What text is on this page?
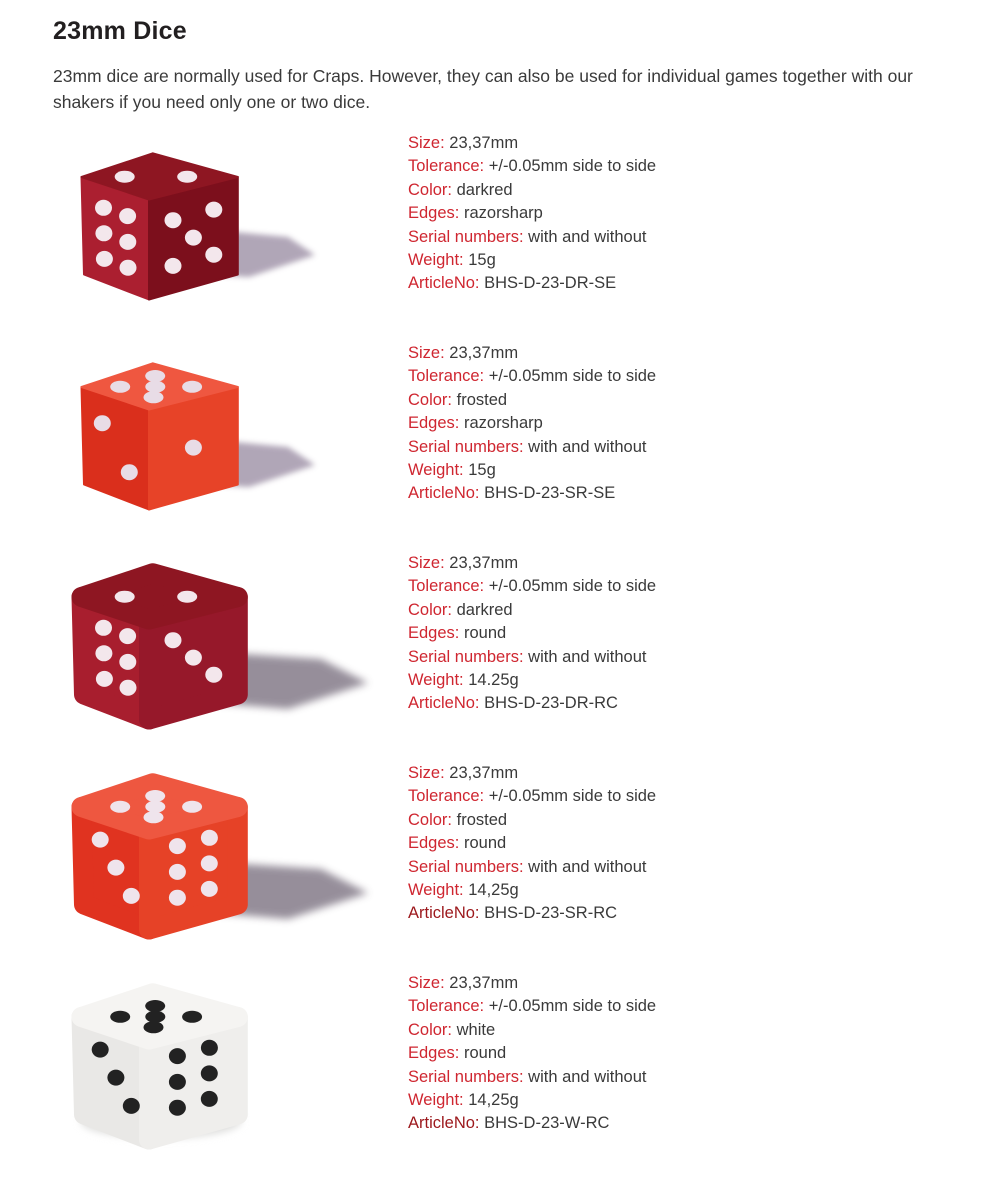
23mm Dice

23mm dice are normally used for Craps. However, they can also be used for individual games together with our shakers if you need only one or two dice.

Size: 23,37mm
Tolerance: +/-0.05mm side to side
Color: darkred
Edges: razorsharp
Serial numbers: with and without
Weight: 15g
ArticleNo: BHS-D-23-DR-SE
Size: 23,37mm
Tolerance: +/-0.05mm side to side
Color: frosted
Edges: razorsharp
Serial numbers: with and without
Weight: 15g
ArticleNo: BHS-D-23-SR-SE
Size: 23,37mm
Tolerance: +/-0.05mm side to side
Color: darkred
Edges: round
Serial numbers: with and without
Weight: 14.25g
ArticleNo: BHS-D-23-DR-RC
Size: 23,37mm
Tolerance: +/-0.05mm side to side
Color: frosted
Edges: round
Serial numbers: with and without
Weight: 14,25g
ArticleNo: BHS-D-23-SR-RC
Size: 23,37mm
Tolerance: +/-0.05mm side to side
Color: white
Edges: round
Serial numbers: with and without
Weight: 14,25g
ArticleNo: BHS-D-23-W-RC
